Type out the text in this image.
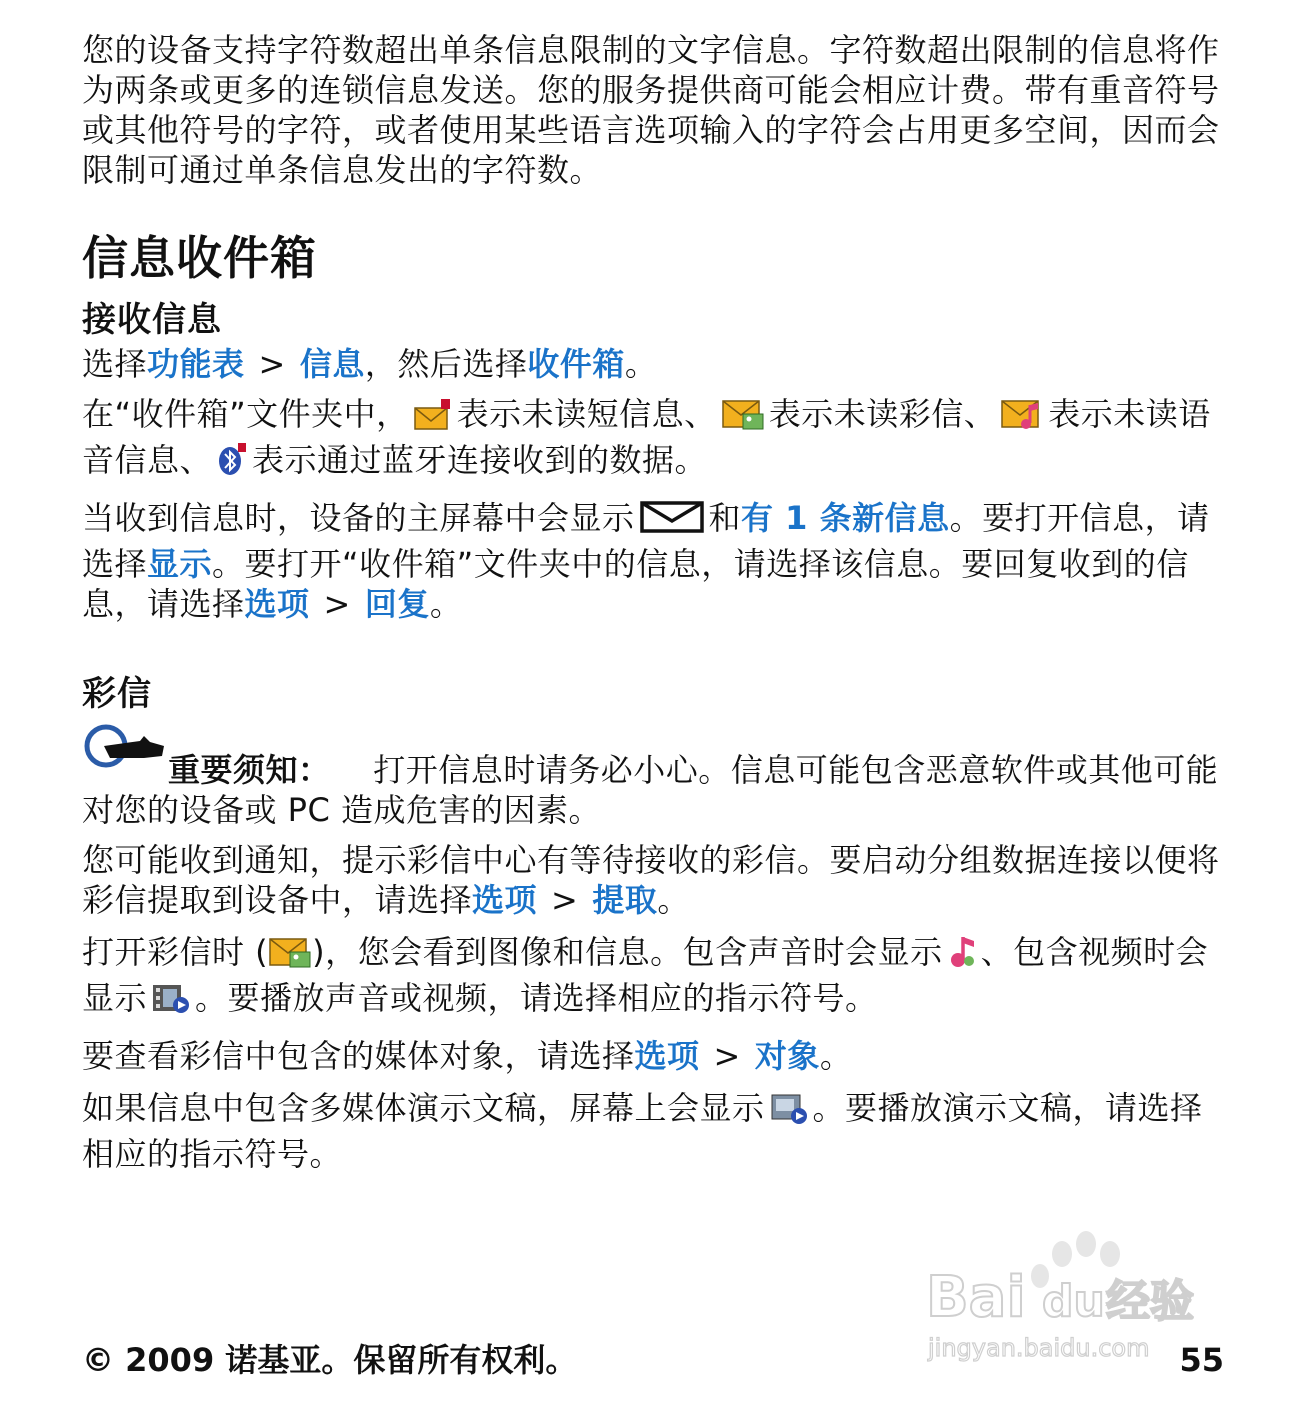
您的设备支持字符数超出单条信息限制的文字信息。字符数超出限制的信息将作为两条或更多的连锁信息发送。您的服务提供商可能会相应计费。带有重音符号或其他符号的字符，或者使用某些语言选项输入的字符会占用更多空间，因而会限制可通过单条信息发出的字符数。

信息收件箱
接收信息

选择功能表 > 信息，然后选择收件箱。

在“收件箱”文件夹中， 表示未读短信息、 表示未读彩信、 表示未读语音信息、 表示通过蓝牙连接收到的数据。

当收到信息时，设备的主屏幕中会显示 和有 1 条新信息。要打开信息，请选择显示。要打开“收件箱”文件夹中的信息，请选择该信息。要回复收到的信息，请选择选项 > 回复。

彩信

重要须知： 打开信息时请务必小心。信息可能包含恶意软件或其他可能对您的设备或 PC 造成危害的因素。

您可能收到通知，提示彩信中心有等待接收的彩信。要启动分组数据连接以便将彩信提取到设备中，请选择选项 > 提取。

打开彩信时 ( )，您会看到图像和信息。包含声音时会显示 、包含视频时会显示 。要播放声音或视频，请选择相应的指示符号。

要查看彩信中包含的媒体对象，请选择选项 > 对象。

如果信息中包含多媒体演示文稿，屏幕上会显示 。要播放演示文稿，请选择相应的指示符号。

Bai du 经验
jingyan.baidu.com
© 2009 诺基亚。保留所有权利。	55
